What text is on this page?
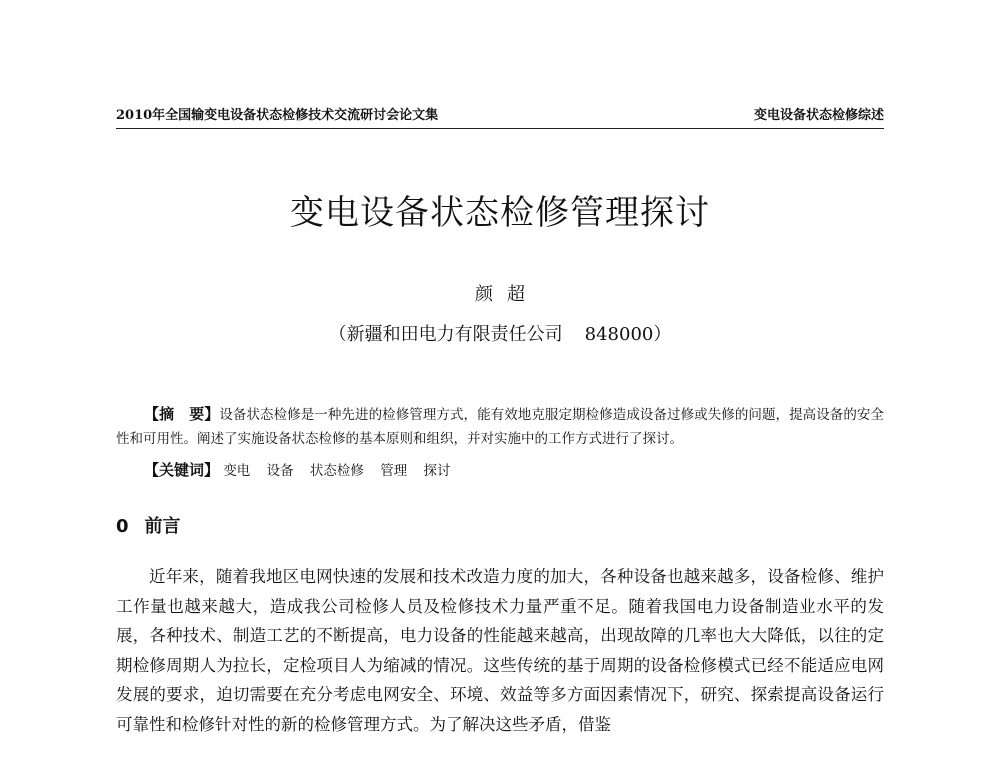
2010年全国输变电设备状态检修技术交流研讨会论文集	变电设备状态检修综述
变电设备状态检修管理探讨
颜超
（新疆和田电力有限责任公司 848000）
【摘　要】设备状态检修是一种先进的检修管理方式，能有效地克服定期检修造成设备过修或失修的问题，提高设备的安全性和可用性。阐述了实施设备状态检修的基本原则和组织，并对实施中的工作方式进行了探讨。
【关键词】 变电 设备 状态检修 管理 探讨
0 前言

近年来，随着我地区电网快速的发展和技术改造力度的加大，各种设备也越来越多，设备检修、维护工作量也越来越大，造成我公司检修人员及检修技术力量严重不足。随着我国电力设备制造业水平的发展，各种技术、制造工艺的不断提高，电力设备的性能越来越高，出现故障的几率也大大降低，以往的定期检修周期人为拉长，定检项目人为缩减的情况。这些传统的基于周期的设备检修模式已经不能适应电网发展的要求，迫切需要在充分考虑电网安全、环境、效益等多方面因素情况下，研究、探索提高设备运行可靠性和检修针对性的新的检修管理方式。为了解决这些矛盾，借鉴
